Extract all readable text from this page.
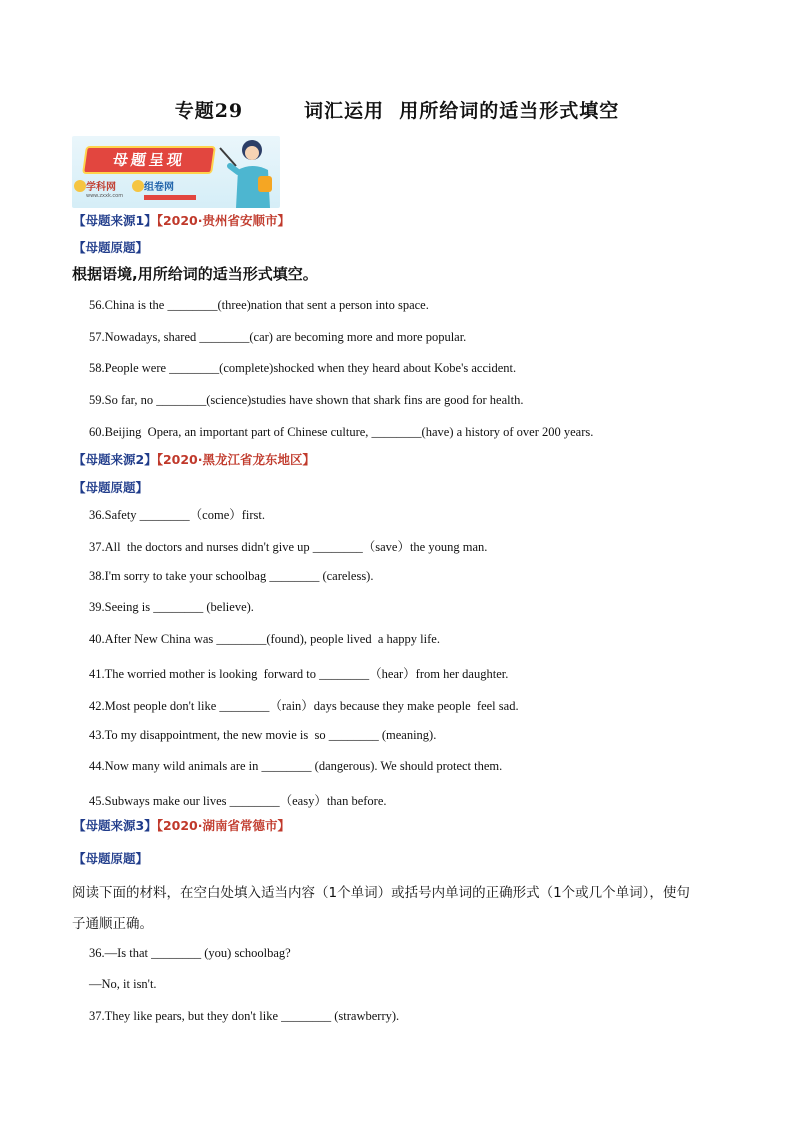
专题29        词汇运用  用所给词的适当形式填空
母题呈现
学科网
www.zxxk.com
组卷网
【母题来源1】【2020·贵州省安顺市】
【母题原题】
根据语境,用所给词的适当形式填空。
56.China is the ________(three)nation that sent a person into space.
57.Nowadays, shared ________(car) are becoming more and more popular.
58.People were ________(complete)shocked when they heard about Kobe's accident.
59.So far, no ________(science)studies have shown that shark fins are good for health.
60.Beijing  Opera, an important part of Chinese culture, ________(have) a history of over 200 years.
【母题来源2】【2020·黑龙江省龙东地区】
【母题原题】
36.Safety ________（come）first.
37.All  the doctors and nurses didn't give up ________（save）the young man.
38.I'm sorry to take your schoolbag ________ (careless).
39.Seeing is ________ (believe).
40.After New China was ________(found), people lived  a happy life.
41.The worried mother is looking  forward to ________（hear）from her daughter.
42.Most people don't like ________（rain）days because they make people  feel sad.
43.To my disappointment, the new movie is  so ________ (meaning).
44.Now many wild animals are in ________ (dangerous). We should protect them.
45.Subways make our lives ________（easy）than before.
【母题来源3】【2020·湖南省常德市】
【母题原题】
阅读下面的材料，在空白处填入适当内容（1个单词）或括号内单词的正确形式（1个或几个单词），使句
子通顺正确。
36.—Is that ________ (you) schoolbag?
—No, it isn't.
37.They like pears, but they don't like ________ (strawberry).
